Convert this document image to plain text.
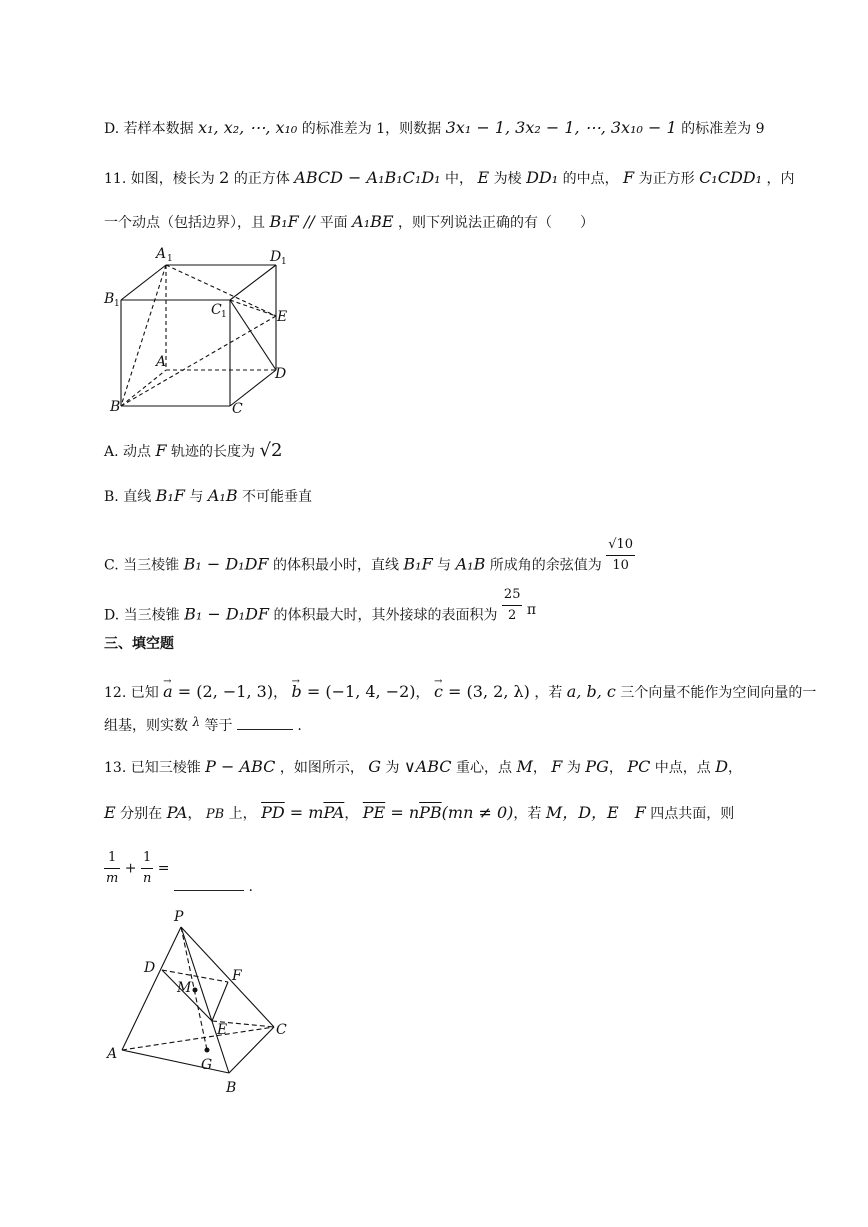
D. 若样本数据 x₁, x₂, ⋯, x₁₀ 的标准差为 1，则数据 3x₁ − 1, 3x₂ − 1, ⋯, 3x₁₀ − 1 的标准差为 9
11. 如图，棱长为 2 的正方体 ABCD − A₁B₁C₁D₁ 中， E 为棱 DD₁ 的中点， F 为正方形 C₁CDD₁ ，内
一个动点（包括边界），且 B₁F // 平面 A₁BE ，则下列说法正确的有（　　）
A 1	D 1
B 1	C 1	E
A
D
B	C
A. 动点 F 轨迹的长度为 √2
B. 直线 B₁F 与 A₁B 不可能垂直
C. 当三棱锥 B₁ − D₁DF 的体积最小时，直线 B₁F 与 A₁B 所成角的余弦值为 $\frac{√10}{10}$
D. 当三棱锥 B₁ − D₁DF 的体积最大时，其外接球的表面积为 $\frac{25}{2}$ π
三、填空题
12. 已知 → a = (2, −1, 3)， → b = (−1, 4, −2)， → c = (3, 2, λ) ，若 a, b, c 三个向量不能作为空间向量的一
组基，则实数 λ 等于	.
13. 已知三棱锥 P − ABC ，如图所示， G 为 ∨ABC 重心，点 M， F 为 PG， PC 中点，点 D，
E 分别在 PA， PB 上， $\overline{PD} = m\overline{PA}$， $\overline{PE} = n\overline{PB}(mn \ne 0)$，若 M，D，E　F 四点共面，则
$\frac{1}{m} + \frac{1}{n}$ =  .
P
D	F
M
E	C
A
G
B
